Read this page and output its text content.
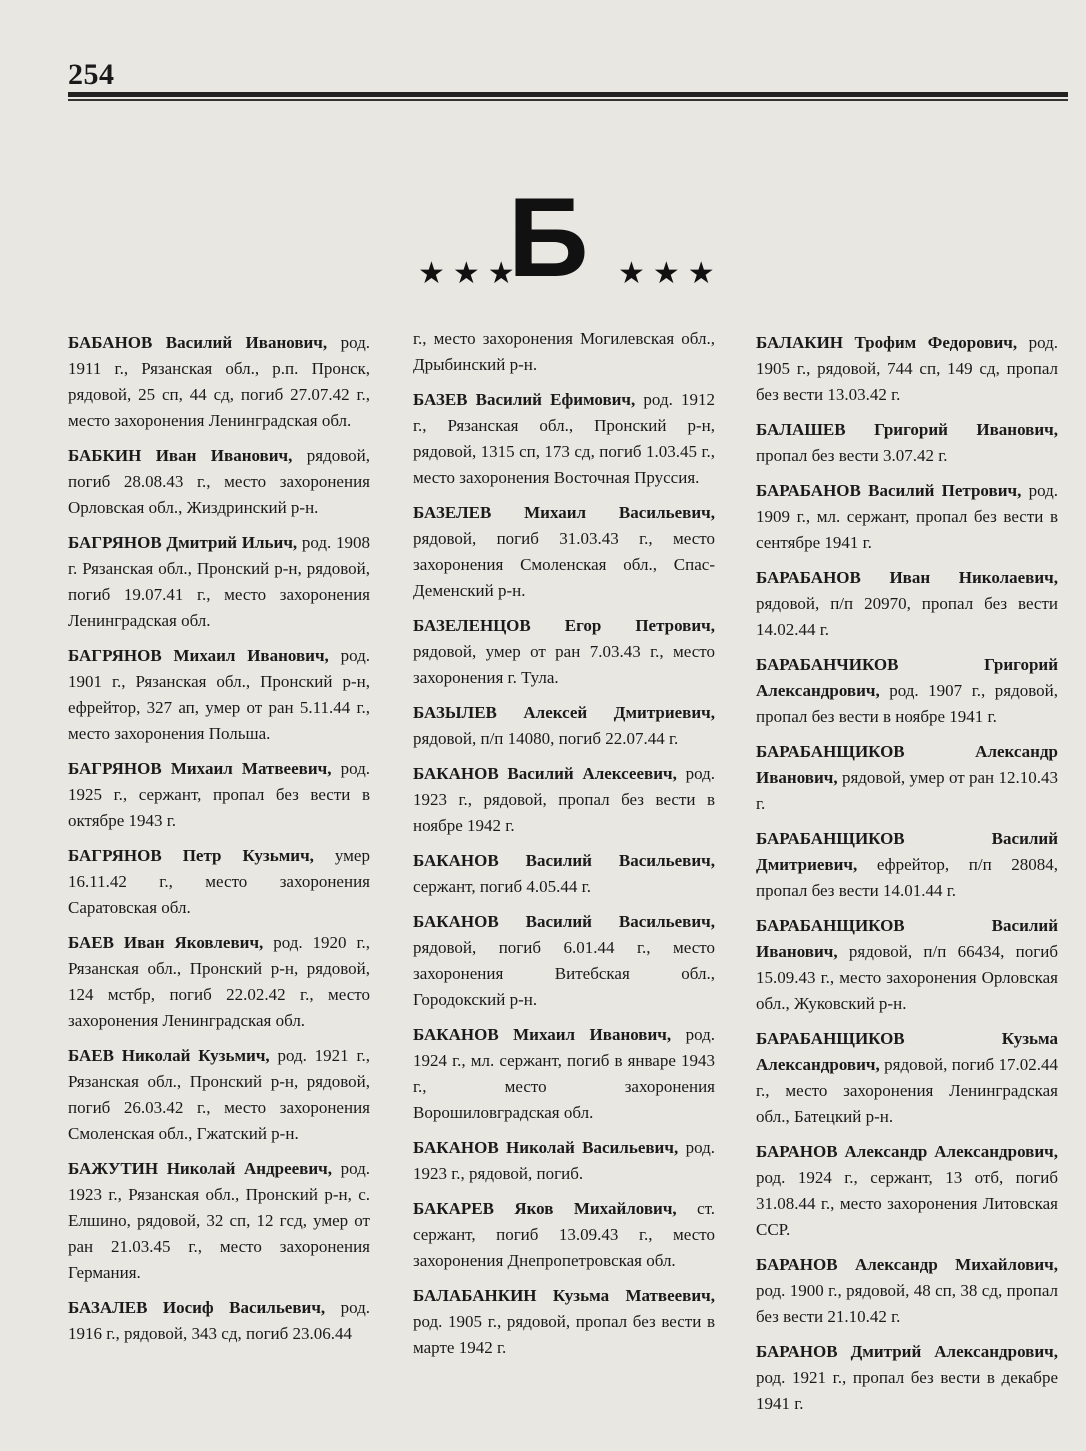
254
★★★
Б ★★★

БАБАНОВ Василий Иванович, род. 1911 г., Рязанская обл., р.п. Пронск, рядовой, 25 сп, 44 сд, погиб 27.07.42 г., место захоронения Ленинградская обл.

БАБКИН Иван Иванович, рядовой, погиб 28.08.43 г., место захоронения Орловская обл., Жиздринский р-н.

БАГРЯНОВ Дмитрий Ильич, род. 1908 г. Рязанская обл., Пронский р-н, рядовой, погиб 19.07.41 г., место захоронения Ленинградская обл.

БАГРЯНОВ Михаил Иванович, род. 1901 г., Рязанская обл., Пронский р-н, ефрейтор, 327 ап, умер от ран 5.11.44 г., место захоронения Польша.

БАГРЯНОВ Михаил Матвеевич, род. 1925 г., сержант, пропал без вести в октябре 1943 г.

БАГРЯНОВ Петр Кузьмич, умер 16.11.42 г., место захоронения Саратовская обл.

БАЕВ Иван Яковлевич, род. 1920 г., Рязанская обл., Пронский р-н, рядовой, 124 мстбр, погиб 22.02.42 г., место захоронения Ленинградская обл.

БАЕВ Николай Кузьмич, род. 1921 г., Рязанская обл., Пронский р-н, рядовой, погиб 26.03.42 г., место захоронения Смоленская обл., Гжатский р-н.

БАЖУТИН Николай Андреевич, род. 1923 г., Рязанская обл., Пронский р-н, с. Елшино, рядовой, 32 сп, 12 гсд, умер от ран 21.03.45 г., место захоронения Германия.

БАЗАЛЕВ Иосиф Васильевич, род. 1916 г., рядовой, 343 сд, погиб 23.06.44

г., место захоронения Могилевская обл., Дрыбинский р-н.

БАЗЕВ Василий Ефимович, род. 1912 г., Рязанская обл., Пронский р-н, рядовой, 1315 сп, 173 сд, погиб 1.03.45 г., место захоронения Восточная Пруссия.

БАЗЕЛЕВ Михаил Васильевич, рядовой, погиб 31.03.43 г., место захоронения Смоленская обл., Спас-Деменский р-н.

БАЗЕЛЕНЦОВ Егор Петрович, рядовой, умер от ран 7.03.43 г., место захоронения г. Тула.

БАЗЫЛЕВ Алексей Дмитриевич, рядовой, п/п 14080, погиб 22.07.44 г.

БАКАНОВ Василий Алексеевич, род. 1923 г., рядовой, пропал без вести в ноябре 1942 г.

БАКАНОВ Василий Васильевич, сержант, погиб 4.05.44 г.

БАКАНОВ Василий Васильевич, рядовой, погиб 6.01.44 г., место захоронения Витебская обл., Городокский р-н.

БАКАНОВ Михаил Иванович, род. 1924 г., мл. сержант, погиб в январе 1943 г., место захоронения Ворошиловградская обл.

БАКАНОВ Николай Васильевич, род. 1923 г., рядовой, погиб.

БАКАРЕВ Яков Михайлович, ст. сержант, погиб 13.09.43 г., место захоронения Днепропетровская обл.

БАЛАБАНКИН Кузьма Матвеевич, род. 1905 г., рядовой, пропал без вести в марте 1942 г.

БАЛАКИН Трофим Федорович, род. 1905 г., рядовой, 744 сп, 149 сд, пропал без вести 13.03.42 г.

БАЛАШЕВ Григорий Иванович, пропал без вести 3.07.42 г.

БАРАБАНОВ Василий Петрович, род. 1909 г., мл. сержант, пропал без вести в сентябре 1941 г.

БАРАБАНОВ Иван Николаевич, рядовой, п/п 20970, пропал без вести 14.02.44 г.

БАРАБАНЧИКОВ Григорий Александрович, род. 1907 г., рядовой, пропал без вести в ноябре 1941 г.

БАРАБАНЩИКОВ Александр Иванович, рядовой, умер от ран 12.10.43 г.

БАРАБАНЩИКОВ Василий Дмитриевич, ефрейтор, п/п 28084, пропал без вести 14.01.44 г.

БАРАБАНЩИКОВ Василий Иванович, рядовой, п/п 66434, погиб 15.09.43 г., место захоронения Орловская обл., Жуковский р-н.

БАРАБАНЩИКОВ Кузьма Александрович, рядовой, погиб 17.02.44 г., место захоронения Ленинградская обл., Батецкий р-н.

БАРАНОВ Александр Александрович, род. 1924 г., сержант, 13 отб, погиб 31.08.44 г., место захоронения Литовская ССР.

БАРАНОВ Александр Михайлович, род. 1900 г., рядовой, 48 сп, 38 сд, пропал без вести 21.10.42 г.

БАРАНОВ Дмитрий Александрович, род. 1921 г., пропал без вести в декабре 1941 г.
